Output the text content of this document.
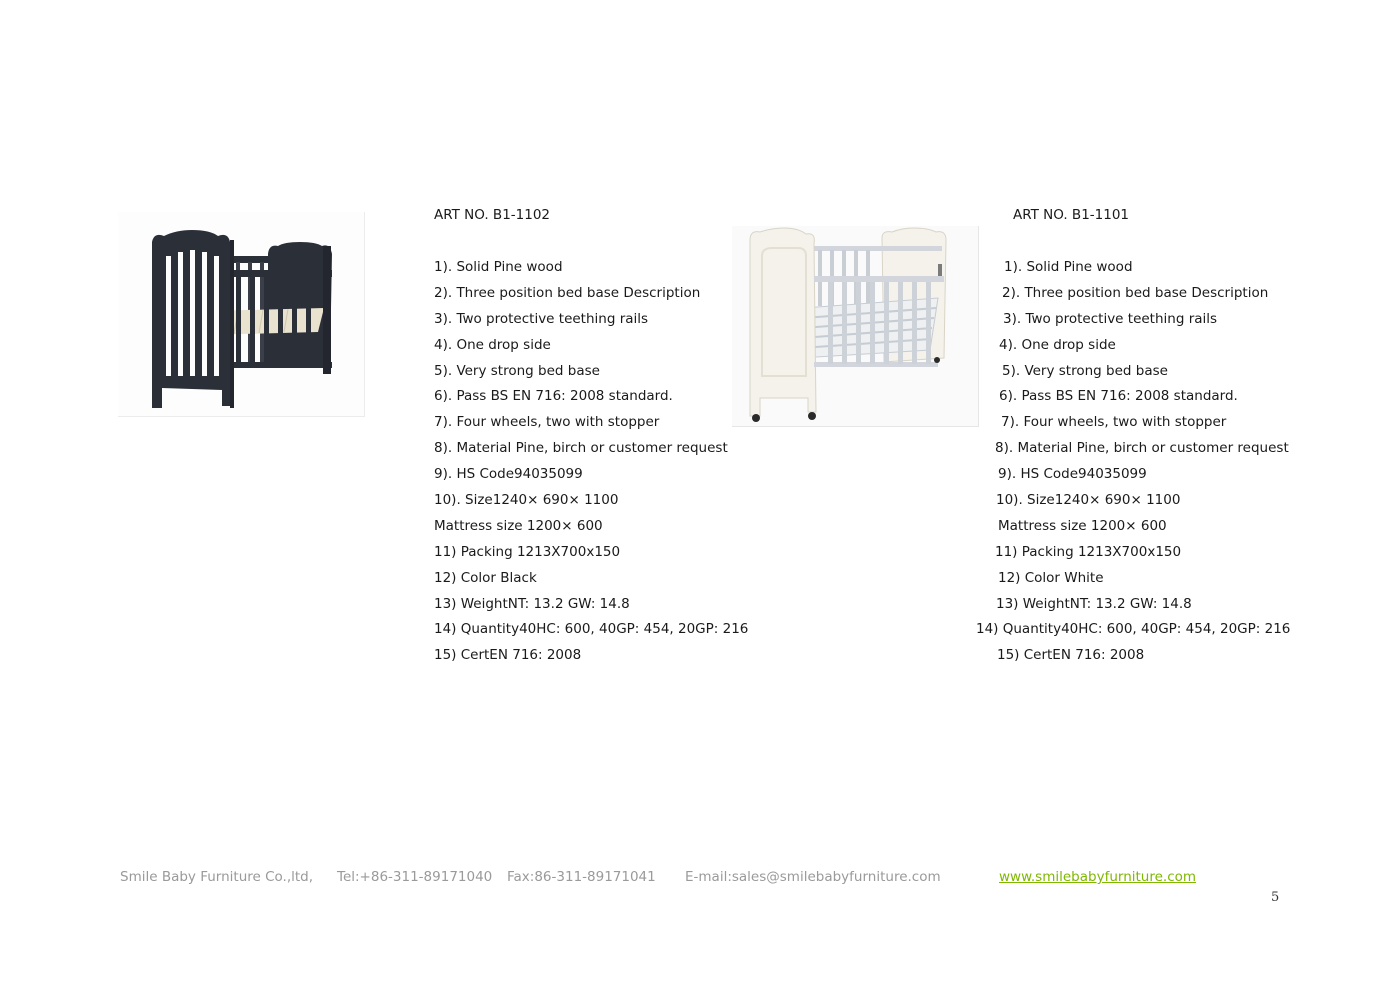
ART NO. B1-1102
1). Solid Pine wood
2). Three position bed base Description
3). Two protective teething rails
4). One drop side
5). Very strong bed base
6). Pass BS EN 716: 2008 standard.
7). Four wheels, two with stopper
8). Material Pine, birch or customer request
9). HS Code94035099
10). Size1240× 690× 1100
Mattress size 1200× 600
11) Packing 1213X700x150
12) Color Black
13) WeightNT: 13.2 GW: 14.8
14) Quantity40HC: 600, 40GP: 454, 20GP: 216
15) CertEN 716: 2008
ART NO. B1-1101
1). Solid Pine wood
2). Three position bed base Description
3). Two protective teething rails
4). One drop side
5). Very strong bed base
6). Pass BS EN 716: 2008 standard.
7). Four wheels, two with stopper
8). Material Pine, birch or customer request
9). HS Code94035099
10). Size1240× 690× 1100
Mattress size 1200× 600
11) Packing 1213X700x150
12) Color White
13) WeightNT: 13.2 GW: 14.8
14) Quantity40HC: 600, 40GP: 454, 20GP: 216
15) CertEN 716: 2008
Smile Baby Furniture Co.,ltd, Tel:+86-311-89171040 Fax:86-311-89171041 E-mail:sales@smilebabyfurniture.com	www.smilebabyfurniture.com
5
